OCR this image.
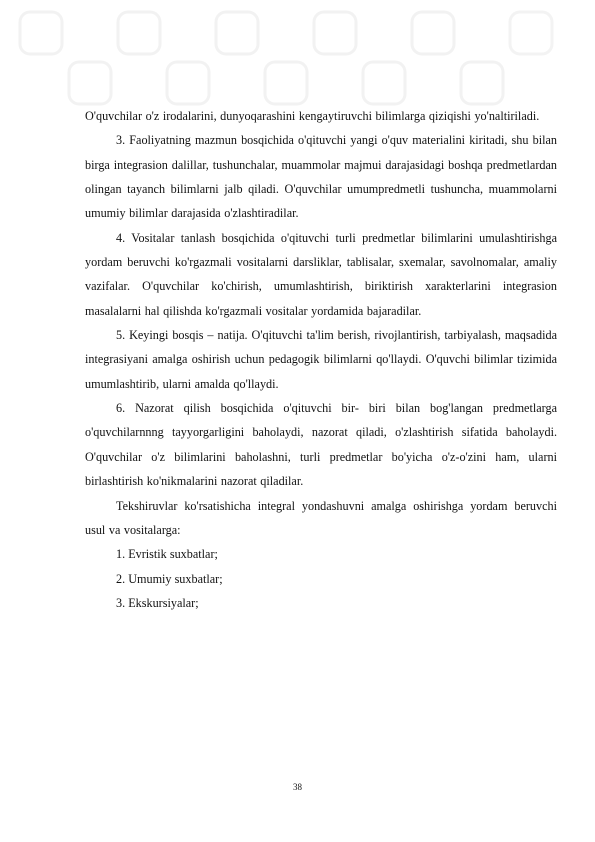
O'quvchilar o'z irodalarini, dunyoqarashini kengaytiruvchi bilimlarga qiziqishi yo'naltiriladi.

3. Faoliyatning mazmun bosqichida o'qituvchi yangi o'quv materialini kiritadi, shu bilan birga integrasion dalillar, tushunchalar, muammolar majmui darajasidagi boshqa predmetlardan olingan tayanch bilimlarni jalb qiladi. O'quvchilar umumpredmetli tushuncha, muammolarni umumiy bilimlar darajasida o'zlashtiradilar.

4. Vositalar tanlash bosqichida o'qituvchi turli predmetlar bilimlarini umulashtirishga yordam beruvchi ko'rgazmali vositalarni darsliklar, tablisalar, sxemalar, savolnomalar, amaliy vazifalar. O'quvchilar ko'chirish, umumlashtirish, biriktirish xarakterlarini integrasion masalalarni hal qilishda ko'rgazmali vositalar yordamida bajaradilar.

5. Keyingi bosqis – natija. O'qituvchi ta'lim berish, rivojlantirish, tarbiyalash, maqsadida integrasiyani amalga oshirish uchun pedagogik bilimlarni qo'llaydi. O'quvchi bilimlar tizimida umumlashtirib, ularni amalda qo'llaydi.

6. Nazorat qilish bosqichida o'qituvchi bir- biri bilan bog'langan predmetlarga o'quvchilarnnng tayyorgarligini baholaydi, nazorat qiladi, o'zlashtirish sifatida baholaydi. O'quvchilar o'z bilimlarini baholashni, turli predmetlar bo'yicha o'z-o'zini ham, ularni birlashtirish ko'nikmalarini nazorat qiladilar.

Tekshiruvlar ko'rsatishicha integral yondashuvni amalga oshirishga yordam beruvchi usul va vositalarga:

1. Evristik suxbatlar;

2. Umumiy suxbatlar;

3. Ekskursiyalar;

38
